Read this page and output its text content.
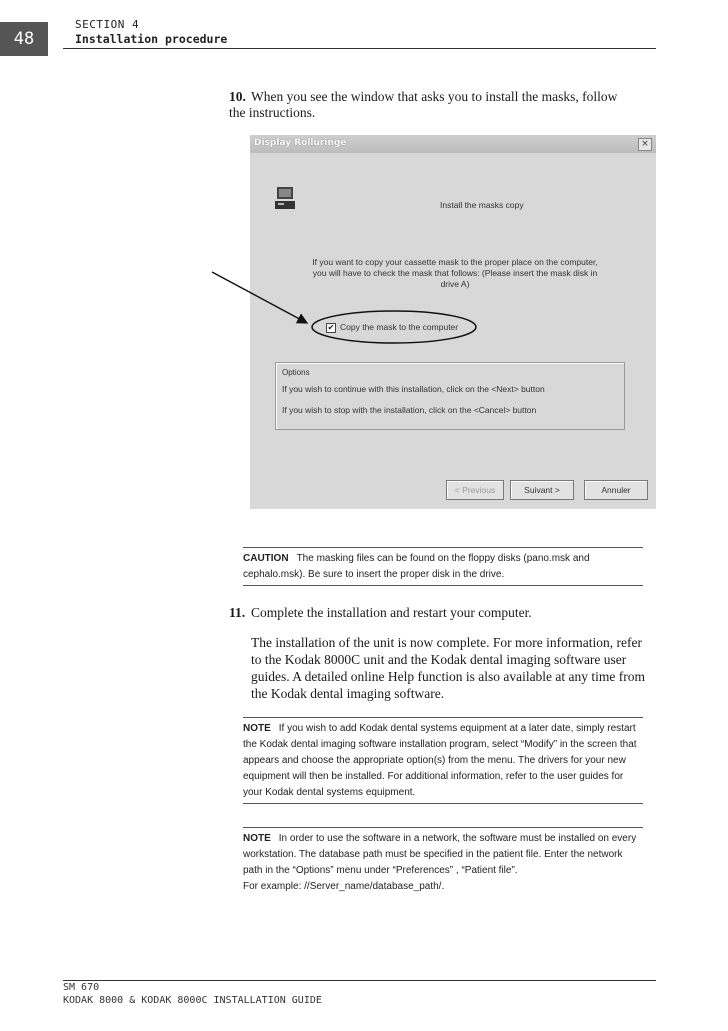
48
SECTION 4
Installation procedure
10. When you see the window that asks you to install the masks, follow the instructions.
Display Rolluringe	×
Install the masks copy
If you want to copy your cassette mask to the proper place on the computer, you will have to check the mask that follows: (Please insert the mask disk in drive A)
✔ Copy the mask to the computer
Options
If you wish to continue with this installation, click on the <Next> button
If you wish to stop with the installation, click on the <Cancel> button
< Previous	Suivant >	Annuler

CAUTION The masking files can be found on the floppy disks (pano.msk and cephalo.msk). Be sure to insert the proper disk in the drive.

11. Complete the installation and restart your computer.
The installation of the unit is now complete. For more information, refer to the Kodak 8000C unit and the Kodak dental imaging software user guides. A detailed online Help function is also available at any time from the Kodak dental imaging software.

NOTE If you wish to add Kodak dental systems equipment at a later date, simply restart the Kodak dental imaging software installation program, select “Modify” in the screen that appears and choose the appropriate option(s) from the menu. The drivers for your new equipment will then be installed. For additional information, refer to the user guides for your Kodak dental systems equipment.

NOTE In order to use the software in a network, the software must be installed on every workstation. The database path must be specified in the patient file. Enter the network path in the “Options” menu under “Preferences” , “Patient file”.

For example: //Server_name/database_path/.

SM 670
KODAK 8000 & KODAK 8000C INSTALLATION GUIDE
